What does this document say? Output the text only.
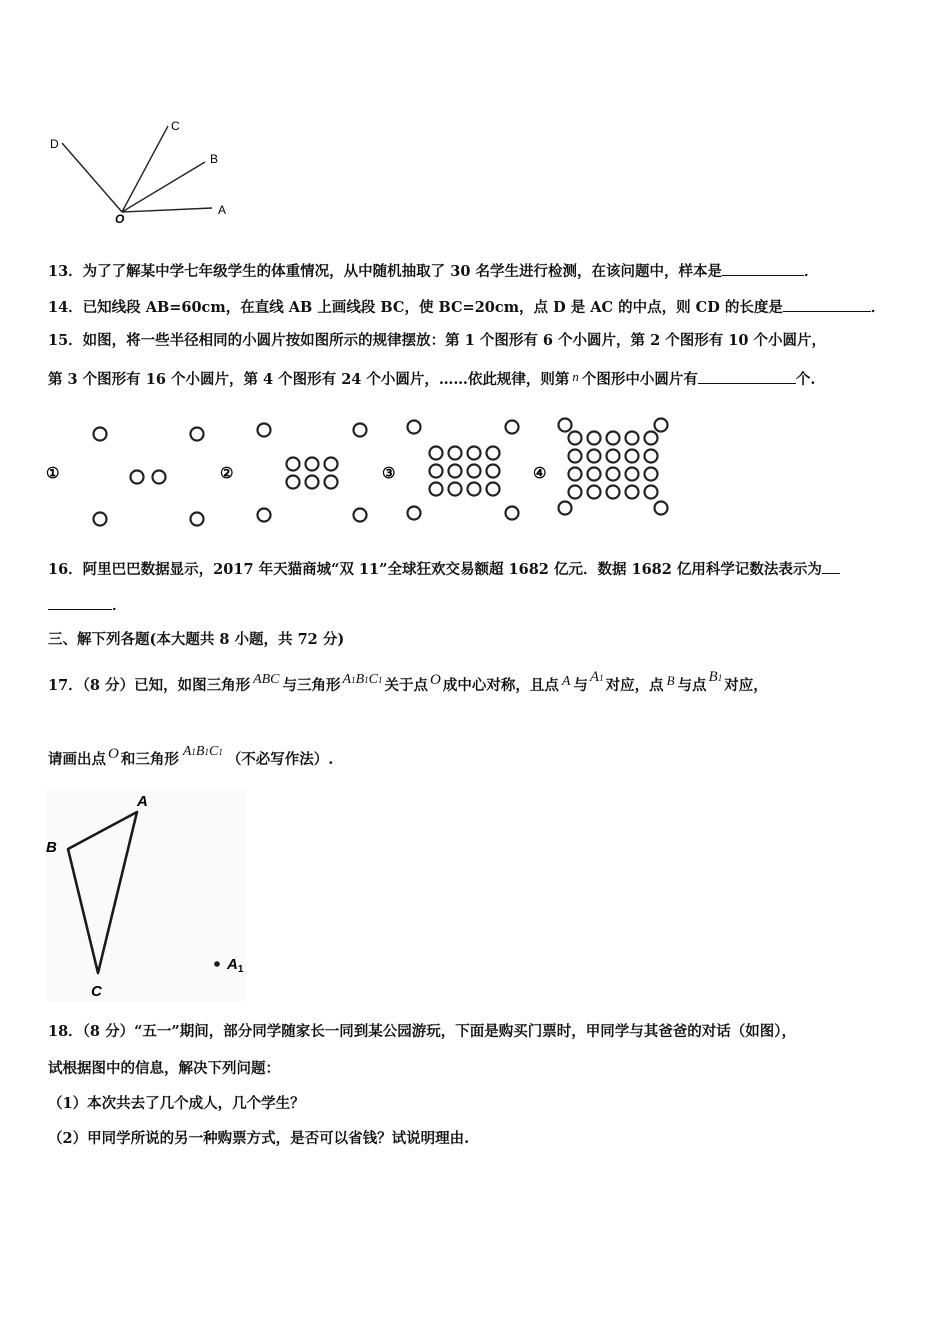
D
C
B
A
O
13．为了了解某中学七年级学生的体重情况，从中随机抽取了 30 名学生进行检测，在该问题中，样本是	．
14．已知线段 AB=60cm，在直线 AB 上画线段 BC，使 BC=20cm，点 D 是 AC 的中点，则 CD 的长度是	．
15．如图，将一些半径相同的小圆片按如图所示的规律摆放：第 1 个图形有 6 个小圆片，第 2 个图形有 10 个小圆片，
第 3 个图形有 16 个小圆片，第 4 个图形有 24 个小圆片，……依此规律，则第 n 个图形中小圆片有	个.
①	②	③	④
16．阿里巴巴数据显示，2017 年天猫商城“双 11”全球狂欢交易额超 1682 亿元．数据 1682 亿用科学记数法表示为
．
三、解下列各题(本大题共 8 小题，共 72 分)
17．（8 分）已知，如图三角形 ABC 与三角形 A1B1C1 关于点 O 成中心对称，且点 A 与 A1 对应，点 B 与点 B1 对应，
请画出点 O 和三角形 A1B1C1 （不必写作法）.
A
B
C
$A_1$
18．（8 分）“五一”期间，部分同学随家长一同到某公园游玩，下面是购买门票时，甲同学与其爸爸的对话（如图），
试根据图中的信息，解决下列问题：
（1）本次共去了几个成人，几个学生？
（2）甲同学所说的另一种购票方式，是否可以省钱？试说明理由.
